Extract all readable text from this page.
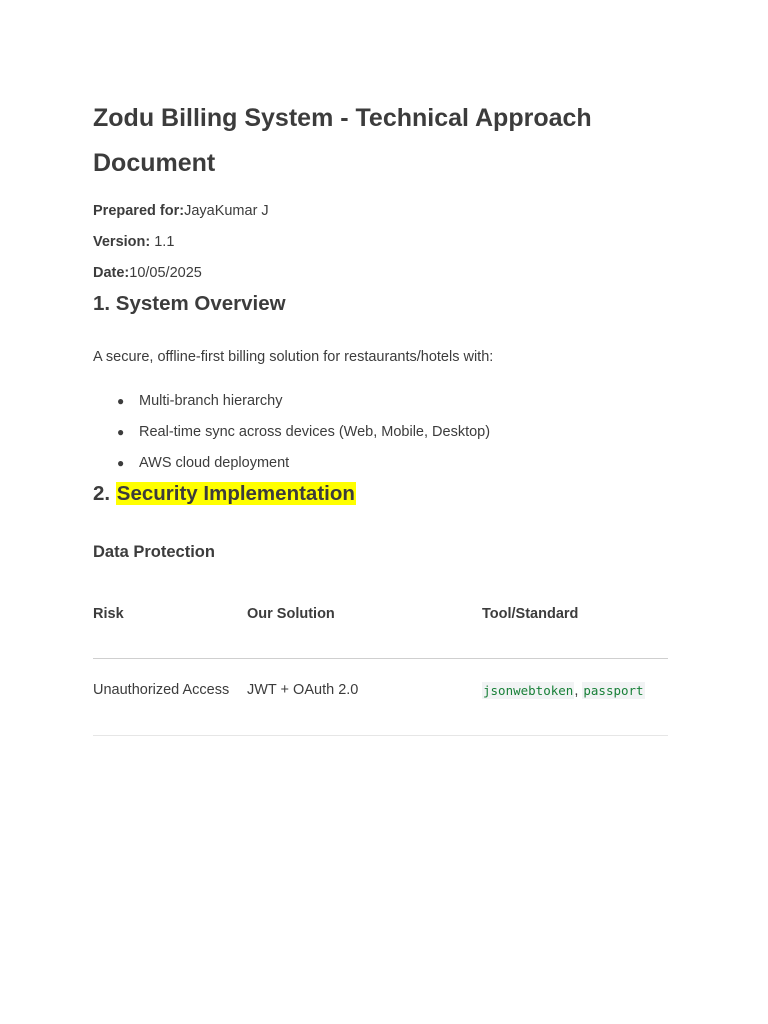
Zodu Billing System - Technical Approach Document
Prepared for:JayaKumar J
Version: 1.1
Date:10/05/2025
1. System Overview
A secure, offline-first billing solution for restaurants/hotels with:
● Multi-branch hierarchy
● Real-time sync across devices (Web, Mobile, Desktop)
● AWS cloud deployment
2. Security Implementation
Data Protection
Risk	Our Solution	Tool/Standard
Unauthorized Access	JWT + OAuth 2.0	jsonwebtoken, passport
